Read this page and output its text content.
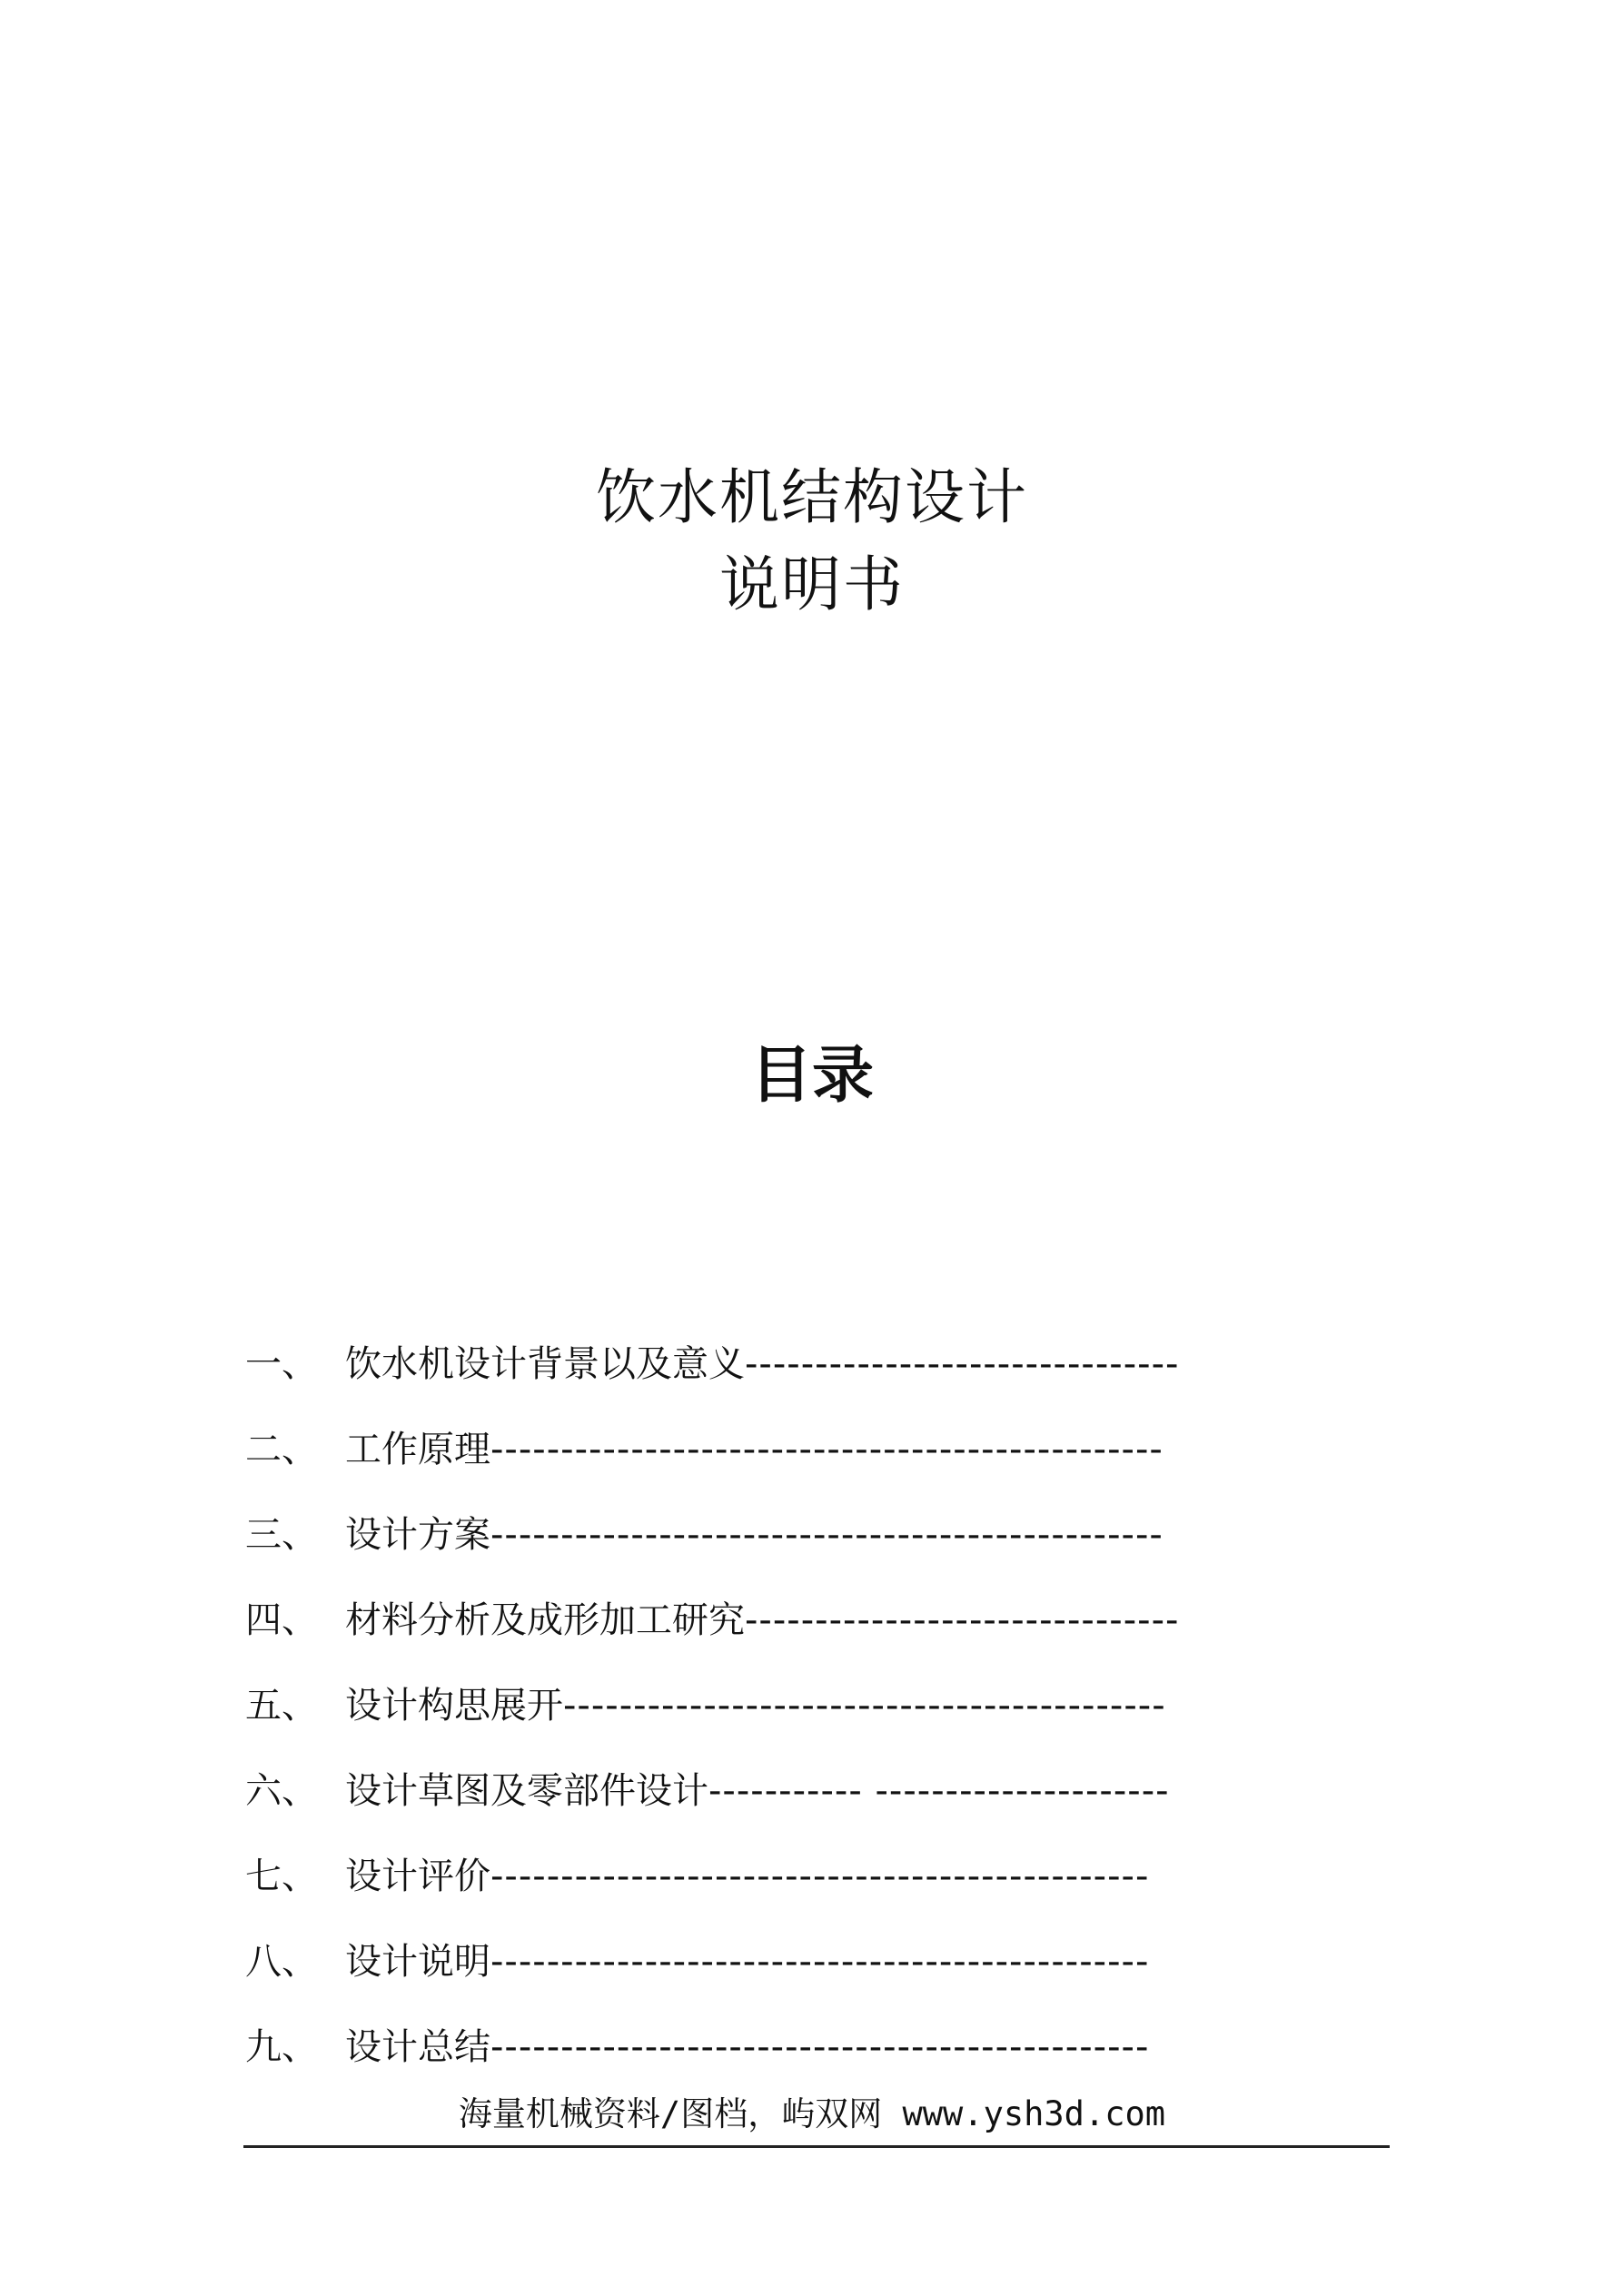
饮水机结构设计
说明书
目录
一、 饮水机设计背景以及意义 -------------------------------
二、 工作原理 ------------------------------------------------
三、 设计方案 ------------------------------------------------
四、 材料分析及成形加工研究 -------------------------------
五、 设计构思展开 -------------------------------------------
六、 设计草图及零部件设计 ----------- ---------------------
七、 设计评价 -----------------------------------------------
八、 设计说明 -----------------------------------------------
九、 设计总结 -----------------------------------------------
海量机械资料/图档，屿双网 www.ysh3d.com
